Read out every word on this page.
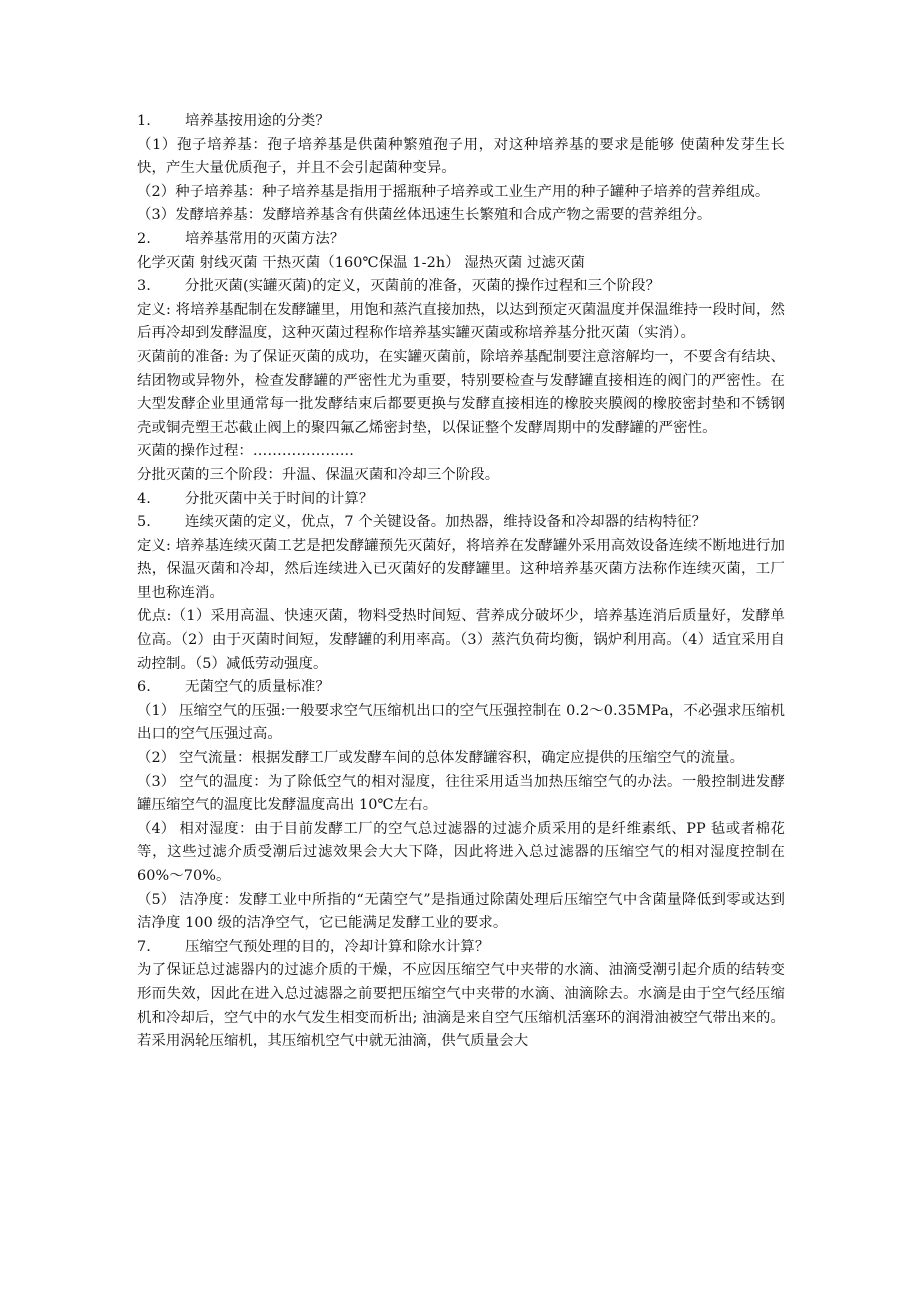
1. 培养基按用途的分类？

（1）孢子培养基：孢子培养基是供菌种繁殖孢子用，对这种培养基的要求是能够 使菌种发芽生长快，产生大量优质孢子，并且不会引起菌种变异。

（2）种子培养基：种子培养基是指用于摇瓶种子培养或工业生产用的种子罐种子培养的营养组成。

（3）发酵培养基：发酵培养基含有供菌丝体迅速生长繁殖和合成产物之需要的营养组分。

2. 培养基常用的灭菌方法？

化学灭菌 射线灭菌 干热灭菌（160℃保温 1-2h） 湿热灭菌 过滤灭菌

3. 分批灭菌(实罐灭菌)的定义，灭菌前的准备，灭菌的操作过程和三个阶段？

定义: 将培养基配制在发酵罐里，用饱和蒸汽直接加热，以达到预定灭菌温度并保温维持一段时间，然后再冷却到发酵温度，这种灭菌过程称作培养基实罐灭菌或称培养基分批灭菌（实消）。

灭菌前的准备: 为了保证灭菌的成功，在实罐灭菌前，除培养基配制要注意溶解均一，不要含有结块、结团物或异物外，检查发酵罐的严密性尤为重要，特别要检查与发酵罐直接相连的阀门的严密性。在大型发酵企业里通常每一批发酵结束后都要更换与发酵直接相连的橡胶夹膜阀的橡胶密封垫和不锈钢壳或铜壳塑王芯截止阀上的聚四氟乙烯密封垫，以保证整个发酵周期中的发酵罐的严密性。

灭菌的操作过程：………………...

分批灭菌的三个阶段：升温、保温灭菌和冷却三个阶段。

4. 分批灭菌中关于时间的计算？

5. 连续灭菌的定义，优点，7 个关键设备。加热器，维持设备和冷却器的结构特征？

定义: 培养基连续灭菌工艺是把发酵罐预先灭菌好，将培养在发酵罐外采用高效设备连续不断地进行加热，保温灭菌和冷却，然后连续进入已灭菌好的发酵罐里。这种培养基灭菌方法称作连续灭菌，工厂里也称连消。

优点:（1）采用高温、快速灭菌，物料受热时间短、营养成分破坏少，培养基连消后质量好，发酵单位高。（2）由于灭菌时间短，发酵罐的利用率高。（3）蒸汽负荷均衡，锅炉利用高。（4）适宜采用自动控制。（5）减低劳动强度。

6. 无菌空气的质量标准？

（1） 压缩空气的压强:一般要求空气压缩机出口的空气压强控制在 0.2～0.35MPa，不必强求压缩机出口的空气压强过高。

（2） 空气流量：根据发酵工厂或发酵车间的总体发酵罐容积，确定应提供的压缩空气的流量。

（3） 空气的温度：为了除低空气的相对湿度，往往采用适当加热压缩空气的办法。一般控制进发酵罐压缩空气的温度比发酵温度高出 10℃左右。

（4） 相对湿度：由于目前发酵工厂的空气总过滤器的过滤介质采用的是纤维素纸、PP 毡或者棉花等，这些过滤介质受潮后过滤效果会大大下降，因此将进入总过滤器的压缩空气的相对湿度控制在 60%～70%。

（5） 洁净度：发酵工业中所指的“无菌空气”是指通过除菌处理后压缩空气中含菌量降低到零或达到洁净度 100 级的洁净空气，它已能满足发酵工业的要求。

7. 压缩空气预处理的目的，冷却计算和除水计算？

为了保证总过滤器内的过滤介质的干燥，不应因压缩空气中夹带的水滴、油滴受潮引起介质的结转变形而失效，因此在进入总过滤器之前要把压缩空气中夹带的水滴、油滴除去。水滴是由于空气经压缩机和冷却后，空气中的水气发生相变而析出; 油滴是来自空气压缩机活塞环的润滑油被空气带出来的。若采用涡轮压缩机，其压缩机空气中就无油滴，供气质量会大
